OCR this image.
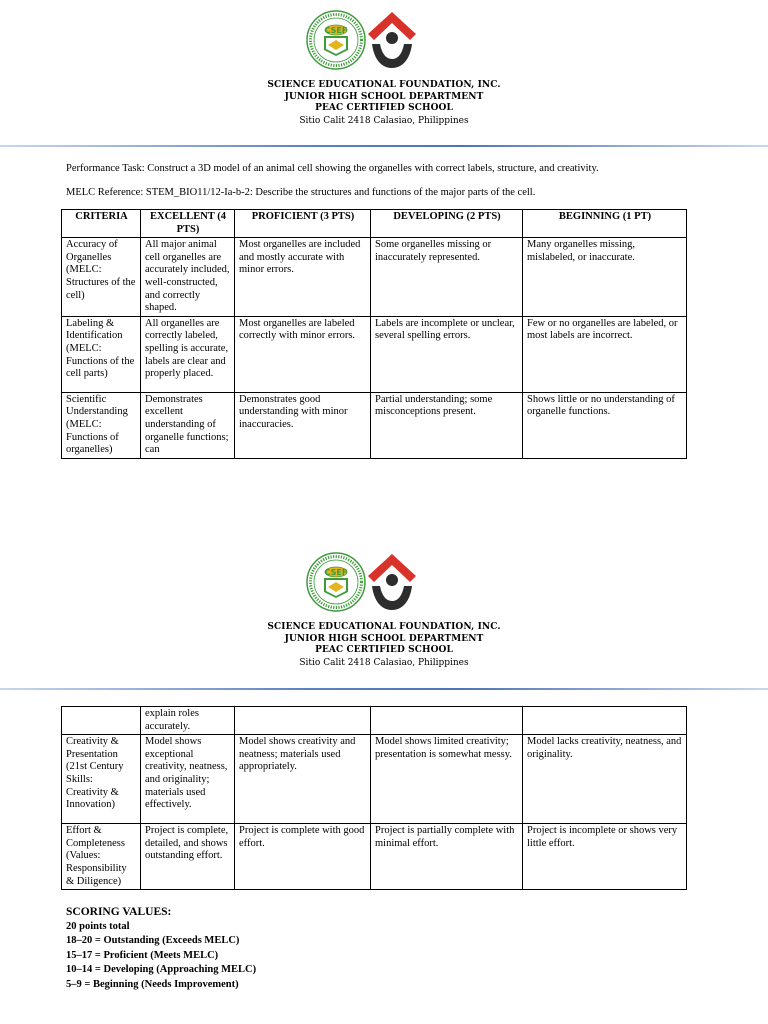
CSEF
SCIENCE EDUCATIONAL FOUNDATION, INC.
JUNIOR HIGH SCHOOL DEPARTMENT
PEAC CERTIFIED SCHOOL
Sitio Calit 2418 Calasiao, Philippines
Performance Task: Construct a 3D model of an animal cell showing the organelles with correct labels, structure, and creativity.
MELC Reference: STEM_BIO11/12-Ia-b-2: Describe the structures and functions of the major parts of the cell.
CRITERIA	EXCELLENT (4 PTS)	PROFICIENT (3 PTS)	DEVELOPING (2 PTS)	BEGINNING (1 PT)
Accuracy of Organelles (MELC: Structures of the cell)	All major animal cell organelles are accurately included, well-constructed, and correctly shaped.	Most organelles are included and mostly accurate with minor errors.	Some organelles missing or inaccurately represented.	Many organelles missing, mislabeled, or inaccurate.
Labeling & Identification (MELC: Functions of the cell parts)	All organelles are correctly labeled, spelling is accurate, labels are clear and properly placed.	Most organelles are labeled correctly with minor errors.	Labels are incomplete or unclear, several spelling errors.	Few or no organelles are labeled, or most labels are incorrect.
Scientific Understanding (MELC: Functions of organelles)	Demonstrates excellent understanding of organelle functions; can	Demonstrates good understanding with minor inaccuracies.	Partial understanding; some misconceptions present.	Shows little or no understanding of organelle functions.
CSEF
SCIENCE EDUCATIONAL FOUNDATION, INC.
JUNIOR HIGH SCHOOL DEPARTMENT
PEAC CERTIFIED SCHOOL
Sitio Calit 2418 Calasiao, Philippines
	explain roles accurately.			
Creativity & Presentation (21st Century Skills: Creativity & Innovation)	Model shows exceptional creativity, neatness, and originality; materials used effectively.	Model shows creativity and neatness; materials used appropriately.	Model shows limited creativity; presentation is somewhat messy.	Model lacks creativity, neatness, and originality.
Effort & Completeness (Values: Responsibility & Diligence)	Project is complete, detailed, and shows outstanding effort.	Project is complete with good effort.	Project is partially complete with minimal effort.	Project is incomplete or shows very little effort.
SCORING VALUES:
20 points total
18–20 = Outstanding (Exceeds MELC)
15–17 = Proficient (Meets MELC)
10–14 = Developing (Approaching MELC)
5–9 = Beginning (Needs Improvement)
